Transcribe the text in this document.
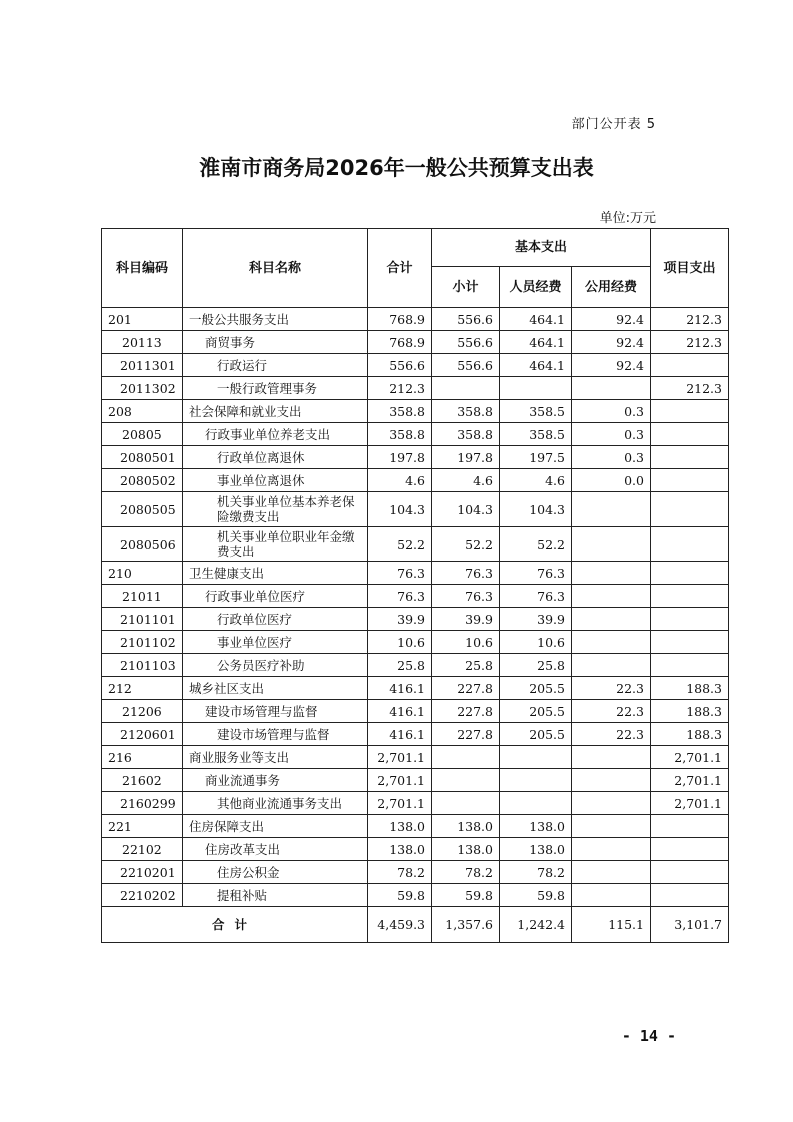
部门公开表 5
淮南市商务局2026年一般公共预算支出表
单位:万元
科目编码	科目名称	合计	基本支出			项目支出
			小计	人员经费	公用经费	
201	一般公共服务支出	768.9	556.6	464.1	92.4	212.3
20113	商贸事务	768.9	556.6	464.1	92.4	212.3
2011301	行政运行	556.6	556.6	464.1	92.4	
2011302	一般行政管理事务	212.3				212.3
208	社会保障和就业支出	358.8	358.8	358.5	0.3	
20805	行政事业单位养老支出	358.8	358.8	358.5	0.3	
2080501	行政单位离退休	197.8	197.8	197.5	0.3	
2080502	事业单位离退休	4.6	4.6	4.6	0.0	
2080505	机关事业单位基本养老保险缴费支出	104.3	104.3	104.3		
2080506	机关事业单位职业年金缴费支出	52.2	52.2	52.2		
210	卫生健康支出	76.3	76.3	76.3		
21011	行政事业单位医疗	76.3	76.3	76.3		
2101101	行政单位医疗	39.9	39.9	39.9		
2101102	事业单位医疗	10.6	10.6	10.6		
2101103	公务员医疗补助	25.8	25.8	25.8		
212	城乡社区支出	416.1	227.8	205.5	22.3	188.3
21206	建设市场管理与监督	416.1	227.8	205.5	22.3	188.3
2120601	建设市场管理与监督	416.1	227.8	205.5	22.3	188.3
216	商业服务业等支出	2,701.1				2,701.1
21602	商业流通事务	2,701.1				2,701.1
2160299	其他商业流通事务支出	2,701.1				2,701.1
221	住房保障支出	138.0	138.0	138.0		
22102	住房改革支出	138.0	138.0	138.0		
2210201	住房公积金	78.2	78.2	78.2		
2210202	提租补贴	59.8	59.8	59.8		
合计		4,459.3	1,357.6	1,242.4	115.1	3,101.7
- 14 -
